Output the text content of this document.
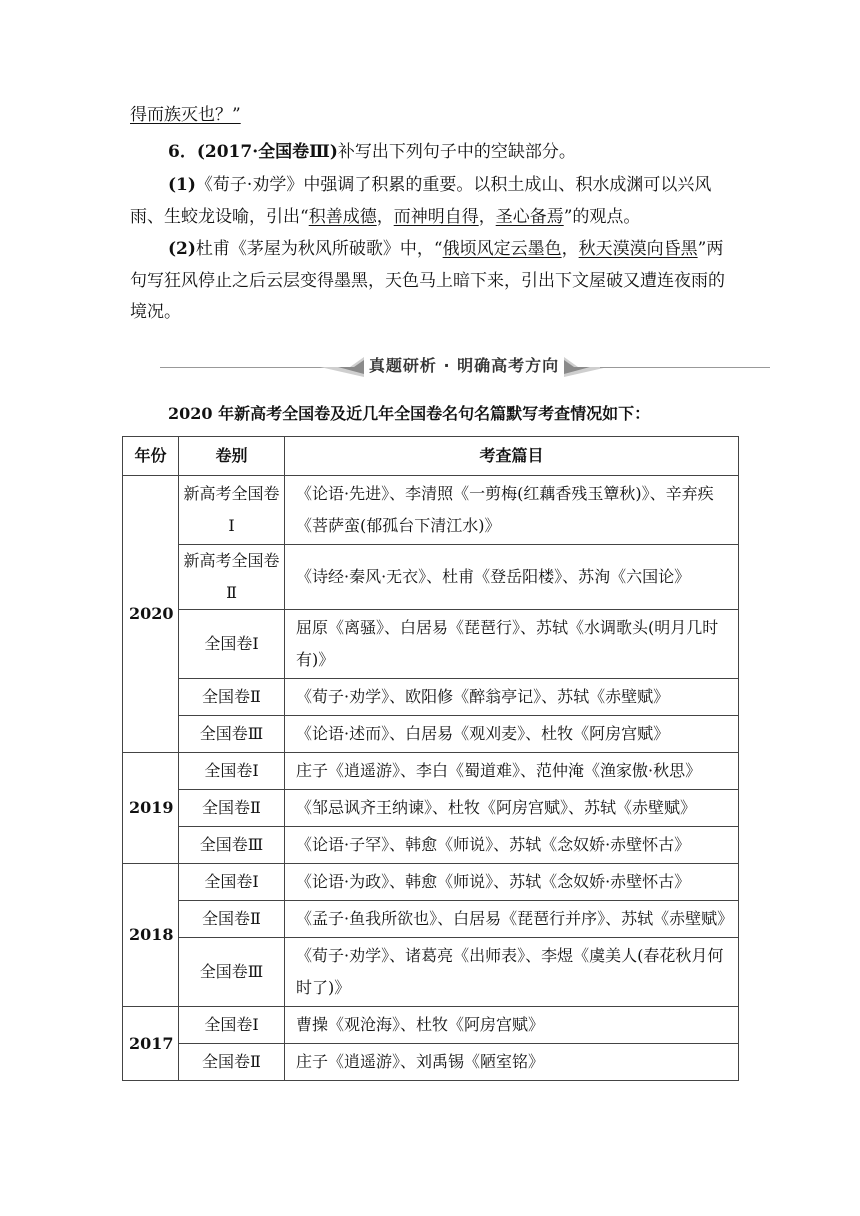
得而族灭也？”
6．(2017·全国卷Ⅲ)补写出下列句子中的空缺部分。
(1)《荀子·劝学》中强调了积累的重要。以积土成山、积水成渊可以兴风雨、生蛟龙设喻，引出“积善成德，而神明自得，圣心备焉”的观点。
(2)杜甫《茅屋为秋风所破歌》中，“俄顷风定云墨色，秋天漠漠向昏黑”两句写狂风停止之后云层变得墨黑，天色马上暗下来，引出下文屋破又遭连夜雨的境况。
真题研析 · 明确高考方向
2020 年新高考全国卷及近几年全国卷名句名篇默写考查情况如下：
年份	卷别	考查篇目
2020	新高考全国卷Ⅰ	《论语·先进》、李清照《一剪梅(红藕香残玉簟秋)》、辛弃疾《菩萨蛮(郁孤台下清江水)》
	新高考全国卷Ⅱ	《诗经·秦风·无衣》、杜甫《登岳阳楼》、苏洵《六国论》
	全国卷Ⅰ	屈原《离骚》、白居易《琵琶行》、苏轼《水调歌头(明月几时有)》
	全国卷Ⅱ	《荀子·劝学》、欧阳修《醉翁亭记》、苏轼《赤壁赋》
	全国卷Ⅲ	《论语·述而》、白居易《观刈麦》、杜牧《阿房宫赋》
2019	全国卷Ⅰ	庄子《逍遥游》、李白《蜀道难》、范仲淹《渔家傲·秋思》
	全国卷Ⅱ	《邹忌讽齐王纳谏》、杜牧《阿房宫赋》、苏轼《赤壁赋》
	全国卷Ⅲ	《论语·子罕》、韩愈《师说》、苏轼《念奴娇·赤壁怀古》
2018	全国卷Ⅰ	《论语·为政》、韩愈《师说》、苏轼《念奴娇·赤壁怀古》
	全国卷Ⅱ	《孟子·鱼我所欲也》、白居易《琵琶行并序》、苏轼《赤壁赋》
	全国卷Ⅲ	《荀子·劝学》、诸葛亮《出师表》、李煜《虞美人(春花秋月何时了)》
2017	全国卷Ⅰ	曹操《观沧海》、杜牧《阿房宫赋》
	全国卷Ⅱ	庄子《逍遥游》、刘禹锡《陋室铭》
